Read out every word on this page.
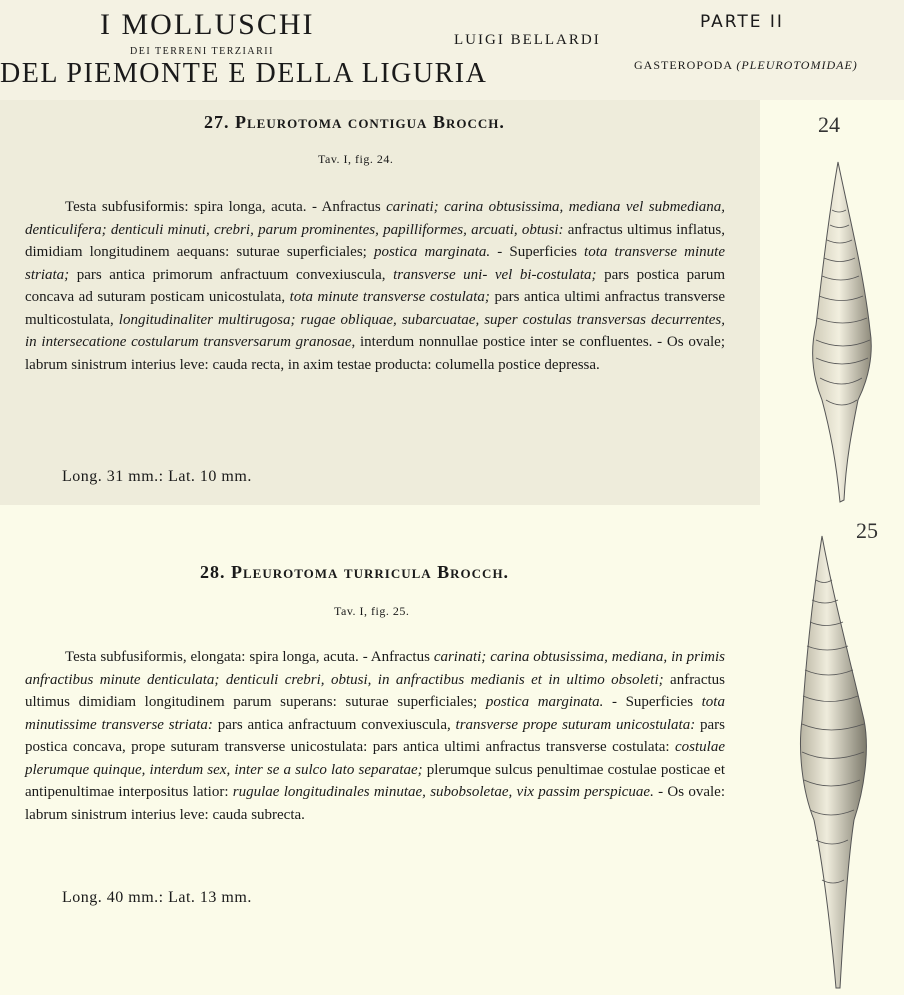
I MOLLUSCHI
DEI TERRENI TERZIARII
DEL PIEMONTE E DELLA LIGURIA
LUIGI BELLARDI
PARTE II
GASTEROPODA (PLEUROTOMIDAE)
27. Pleurotoma contigua Brocch.
Tav. I, fig. 24.
Testa subfusiformis: spira longa, acuta. - Anfractus carinati; carina obtusissima, mediana vel submediana, denticulifera; denticuli minuti, crebri, parum prominentes, papilliformes, arcuati, obtusi: anfractus ultimus inflatus, dimidiam longitudinem aequans: suturae superficiales; postica marginata. - Superficies tota transverse minute striata; pars antica primorum anfractuum convexiuscula, transverse uni- vel bi-costulata; pars postica parum concava ad suturam posticam unicostulata, tota minute transverse costulata; pars antica ultimi anfractus transverse multicostulata, longitudinaliter multirugosa; rugae obliquae, subarcuatae, super costulas transversas decurrentes, in intersecatione costularum transversarum granosae, interdum nonnullae postice inter se confluentes. - Os ovale; labrum sinistrum interius leve: cauda recta, in axim testae producta: columella postice depressa.
Long. 31 mm.: Lat. 10 mm.
28. Pleurotoma turricula Brocch.
Tav. I, fig. 25.
Testa subfusiformis, elongata: spira longa, acuta. - Anfractus carinati; carina obtusissima, mediana, in primis anfractibus minute denticulata; denticuli crebri, obtusi, in anfractibus medianis et in ultimo obsoleti; anfractus ultimus dimidiam longitudinem parum superans: suturae superficiales; postica marginata. - Superficies tota minutissime transverse striata: pars antica anfractuum convexiuscula, transverse prope suturam unicostulata: pars postica concava, prope suturam transverse unicostulata: pars antica ultimi anfractus transverse costulata: costulae plerumque quinque, interdum sex, inter se a sulco lato separatae; plerumque sulcus penultimae costulae posticae et antipenultimae interpositus latior: rugulae longitudinales minutae, subobsoletae, vix passim perspicuae. - Os ovale: labrum sinistrum interius leve: cauda subrecta.
Long. 40 mm.: Lat. 13 mm.
24
25
